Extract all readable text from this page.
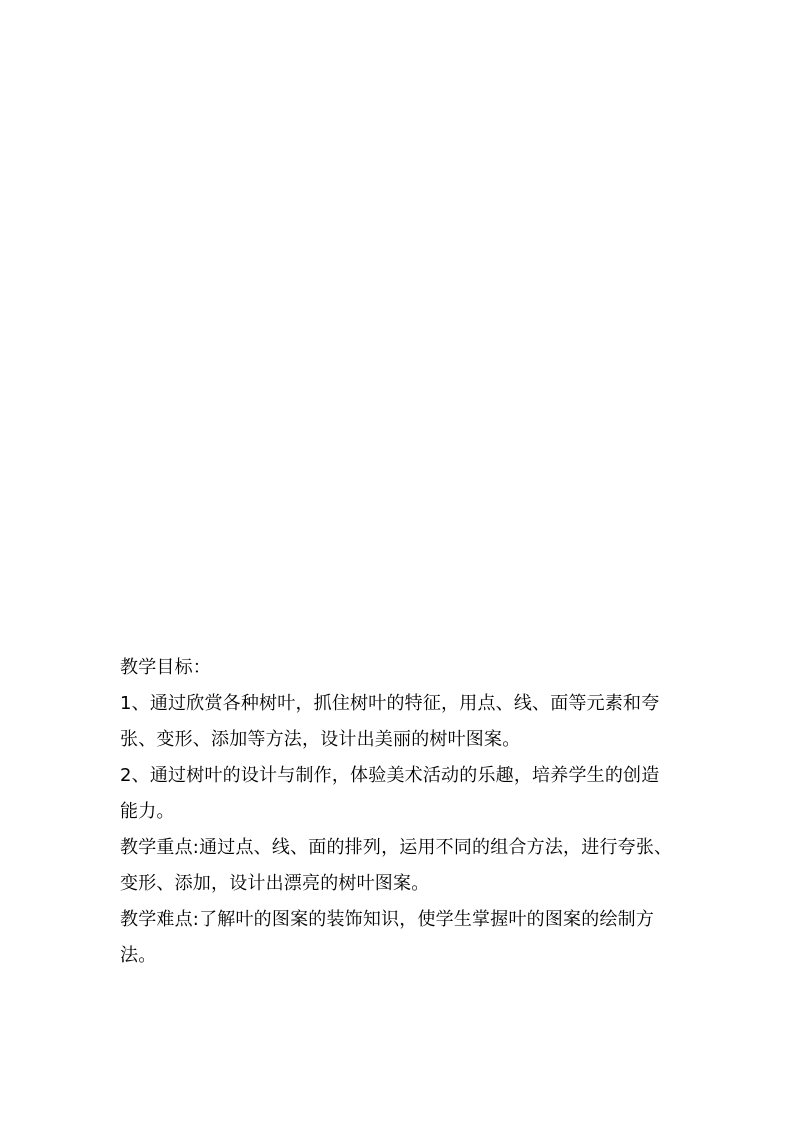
教学目标：
1、通过欣赏各种树叶，抓住树叶的特征，用点、线、面等元素和夸
张、变形、添加等方法，设计出美丽的树叶图案。
2、通过树叶的设计与制作，体验美术活动的乐趣，培养学生的创造
能力。
教学重点:通过点、线、面的排列，运用不同的组合方法，进行夸张、
变形、添加，设计出漂亮的树叶图案。
教学难点:了解叶的图案的装饰知识，使学生掌握叶的图案的绘制方
法。
